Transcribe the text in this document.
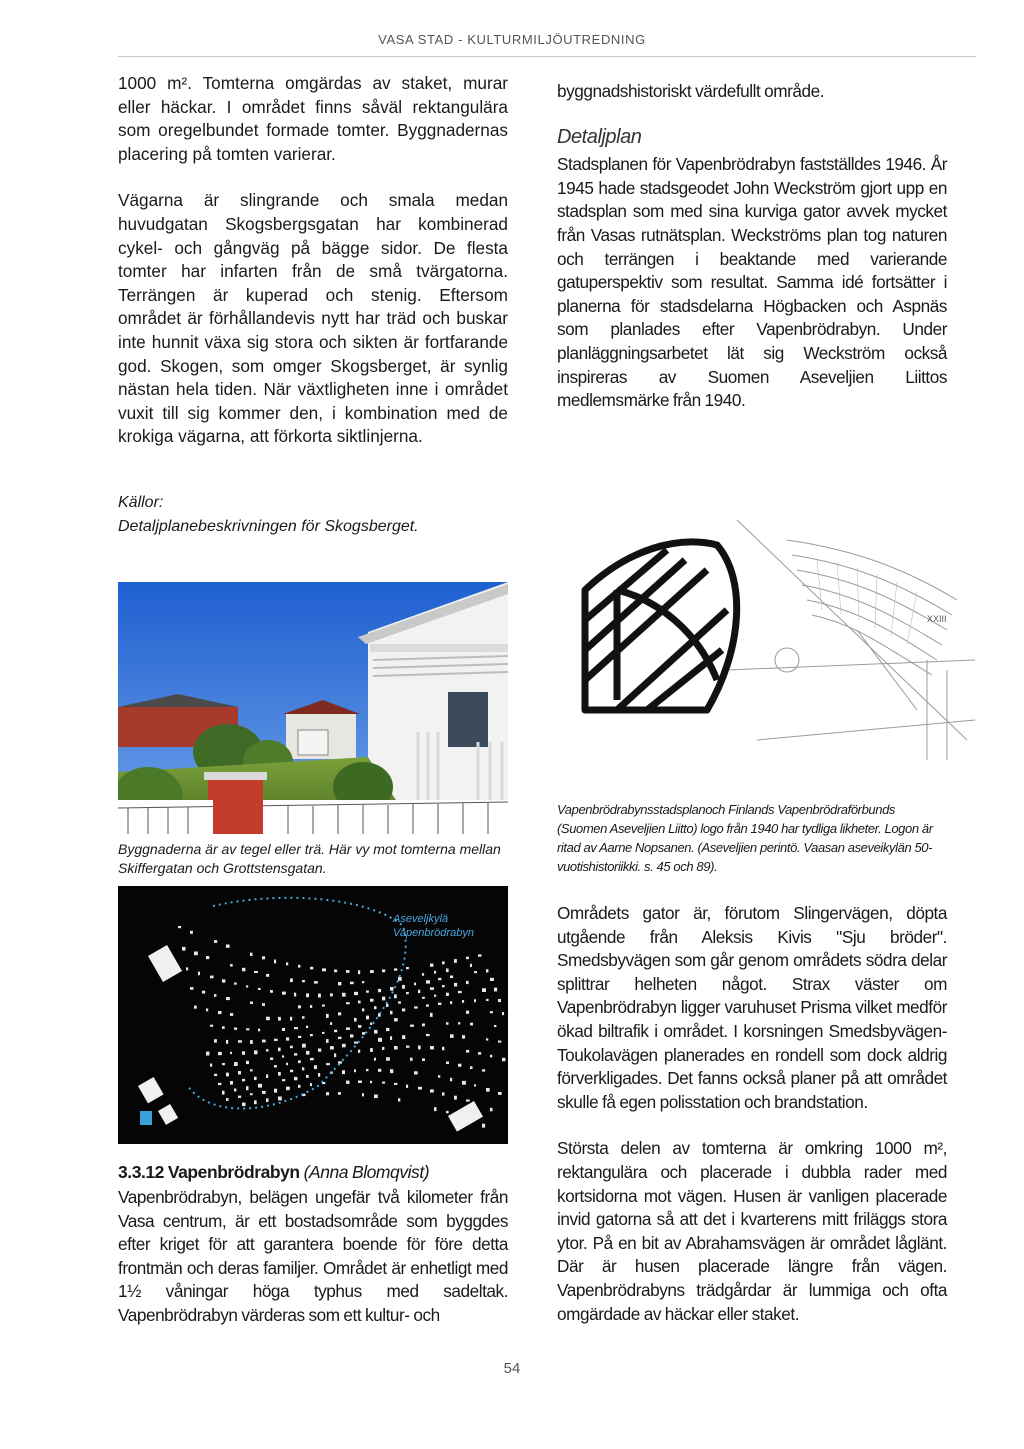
VASA STAD - KULTURMILJÖUTREDNING

1000 m². Tomterna omgärdas av staket, murar eller häckar. I området finns såväl rektangulära som oregelbundet formade tomter. Byggnadernas placering på tomten varierar.

Vägarna är slingrande och smala medan huvudgatan Skogsbergsgatan har kombinerad cykel- och gångväg på bägge sidor. De flesta tomter har infarten från de små tvärgatorna. Terrängen är kuperad och stenig. Eftersom området är förhållandevis nytt har träd och buskar inte hunnit växa sig stora och sikten är fortfarande god. Skogen, som omger Skogsberget, är synlig nästan hela tiden. När växtligheten inne i området vuxit till sig kommer den, i kombination med de krokiga vägarna, att förkorta siktlinjerna.

Källor:
Detaljplanebeskrivningen för Skogsberget.

byggnadshistoriskt värdefullt område.

Detaljplan

Stadsplanen för Vapenbrödrabyn fastställdes 1946. År 1945 hade stadsgeodet John Weckström gjort upp en stadsplan som med sina kurviga gator avvek mycket från Vasas rutnätsplan. Weckströms plan tog naturen och terrängen i beaktande med varierande gatuperspektiv som resultat. Samma idé fortsätter i planerna för stadsdelarna Högbacken och Aspnäs som planlades efter Vapenbrödrabyn. Under planläggningsarbetet lät sig Weckström också inspireras av Suomen Aseveljien Liittos medlemsmärke från 1940.

Byggnaderna är av tegel eller trä. Här vy mot tomterna mellan Skiffergatan och Grottstensgatan.
Aseveljkylä
Vapenbrödrabyn
3.3.12 Vapenbrödrabyn (Anna Blomqvist)
Vapenbrödrabyn, belägen ungefär två kilometer från Vasa centrum, är ett bostadsområde som byggdes efter kriget för att garantera boende för före detta frontmän och deras familjer. Området är enhetligt med 1½ våningar höga typhus med sadeltak. Vapenbrödrabyn värderas som ett kultur- och
XXIII
Vapenbrödrabynsstadsplanoch Finlands Vapenbrödraförbunds (Suomen Aseveljien Liitto) logo från 1940 har tydliga likheter. Logon är ritad av Aarne Nopsanen. (Aseveljien perintö. Vaasan aseveikylän 50-vuotishistoriikki. s. 45 och 89).

Områdets gator är, förutom Slingervägen, döpta utgående från Aleksis Kivis "Sju bröder". Smedsbyvägen som går genom områdets södra delar splittrar helheten något. Strax väster om Vapenbrödrabyn ligger varuhuset Prisma vilket medför ökad biltrafik i området. I korsningen Smedsbyvägen-Toukolavägen planerades en rondell som dock aldrig förverkligades. Det fanns också planer på att området skulle få egen polisstation och brandstation.

Största delen av tomterna är omkring 1000 m², rektangulära och placerade i dubbla rader med kortsidorna mot vägen. Husen är vanligen placerade invid gatorna så att det i kvarterens mitt friläggs stora ytor. På en bit av Abrahamsvägen är området låglänt. Där är husen placerade längre från vägen. Vapenbrödrabyns trädgårdar är lummiga och ofta omgärdade av häckar eller staket.

54
